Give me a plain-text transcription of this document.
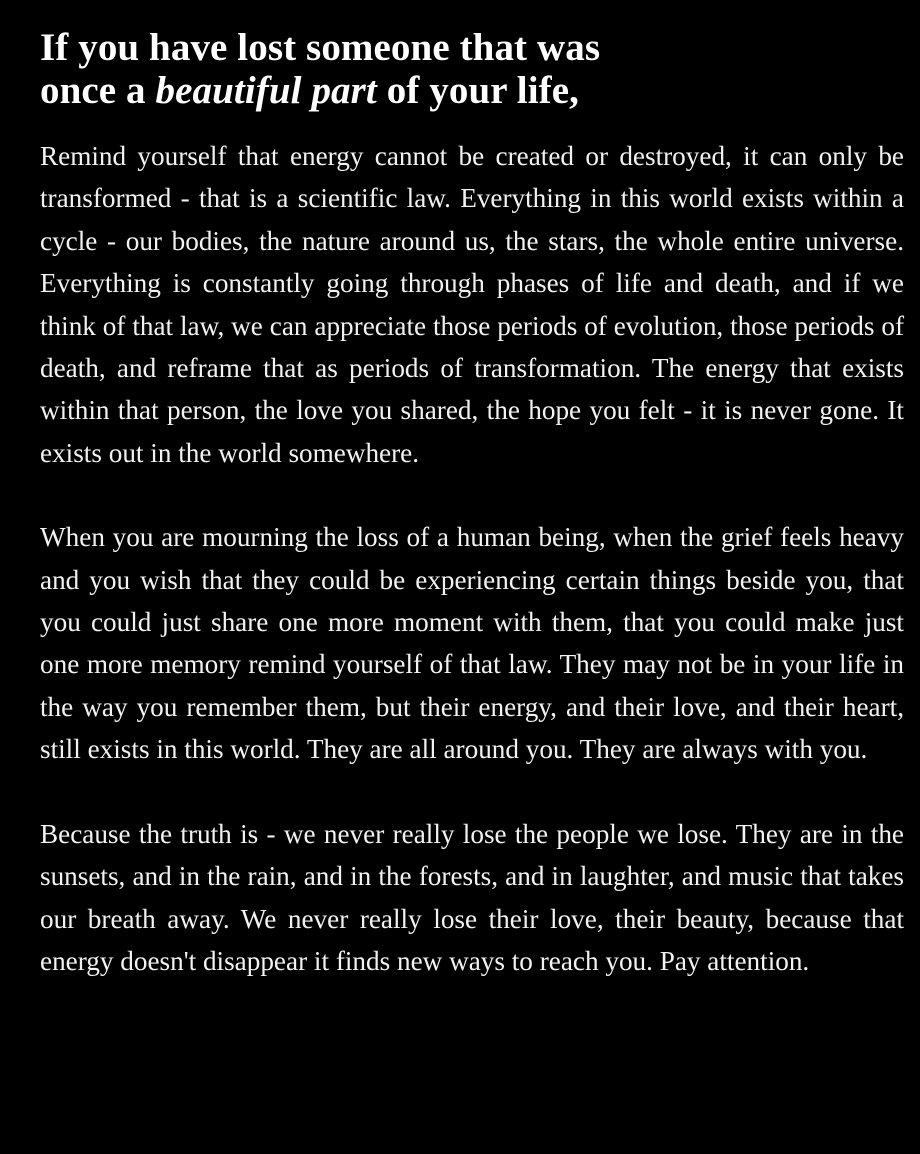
If you have lost someone that was
once a beautiful part of your life,

Remind yourself that energy cannot be created or destroyed, it can only be transformed - that is a scientific law. Everything in this world exists within a cycle - our bodies, the nature around us, the stars, the whole entire universe. Everything is constantly going through phases of life and death, and if we think of that law, we can appreciate those periods of evolution, those periods of death, and reframe that as periods of transformation. The energy that exists within that person, the love you shared, the hope you felt - it is never gone. It exists out in the world somewhere.

When you are mourning the loss of a human being, when the grief feels heavy and you wish that they could be experiencing certain things beside you, that you could just share one more moment with them, that you could make just one more memory remind yourself of that law. They may not be in your life in the way you remember them, but their energy, and their love, and their heart, still exists in this world. They are all around you. They are always with you.

Because the truth is - we never really lose the people we lose. They are in the sunsets, and in the rain, and in the forests, and in laughter, and music that takes our breath away. We never really lose their love, their beauty, because that energy doesn't disappear it finds new ways to reach you. Pay attention.
